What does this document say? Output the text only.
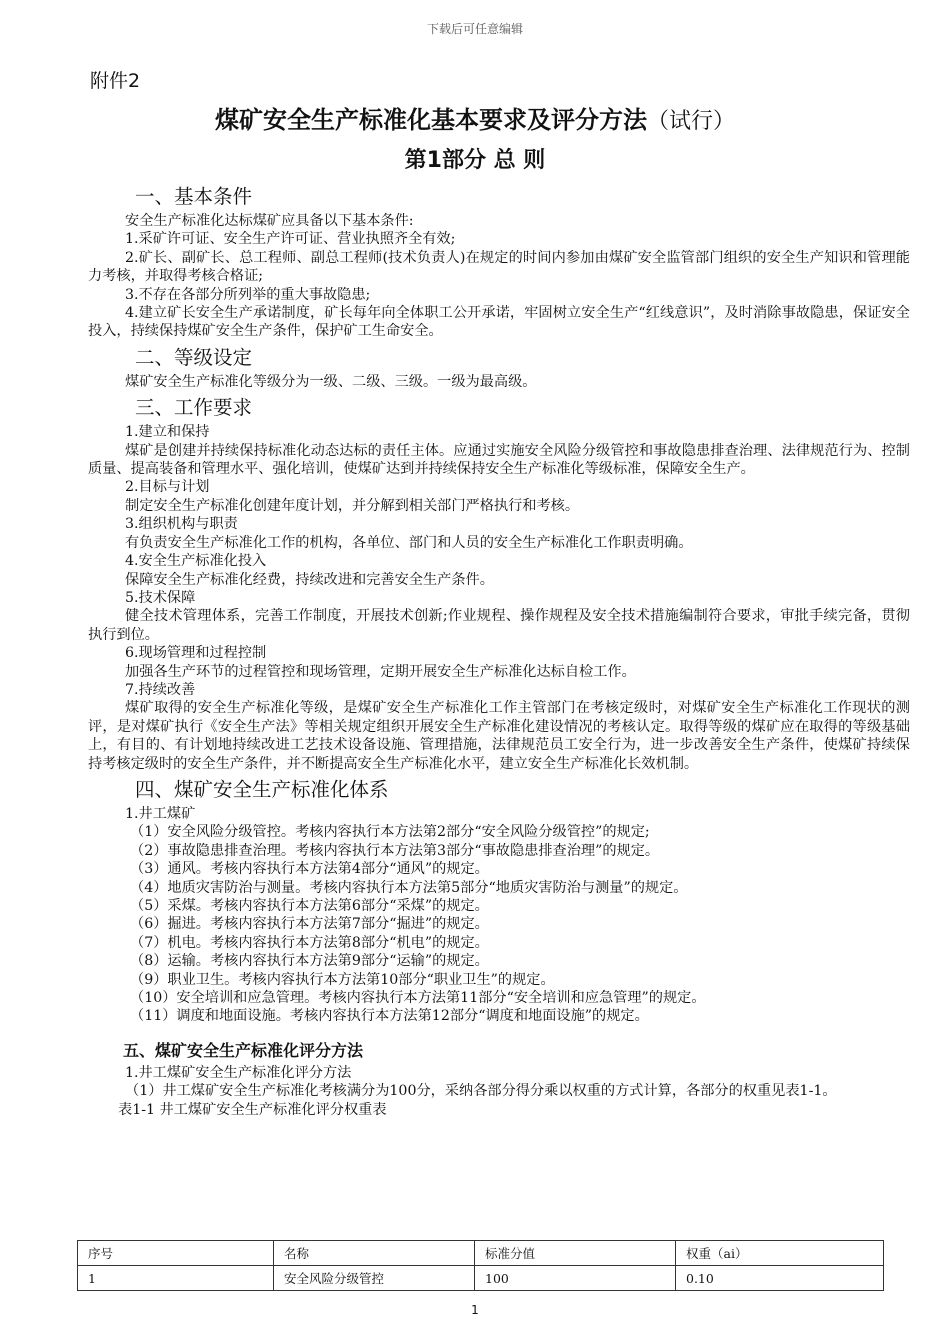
下载后可任意编辑
附件2
煤矿安全生产标准化基本要求及评分方法（试行）
第1部分 总 则
一、基本条件

安全生产标准化达标煤矿应具备以下基本条件:

1.采矿许可证、安全生产许可证、营业执照齐全有效;

2.矿长、副矿长、总工程师、副总工程师(技术负责人)在规定的时间内参加由煤矿安全监管部门组织的安全生产知识和管理能力考核，并取得考核合格证;

3.不存在各部分所列举的重大事故隐患;

4.建立矿长安全生产承诺制度，矿长每年向全体职工公开承诺，牢固树立安全生产“红线意识”，及时消除事故隐患，保证安全投入，持续保持煤矿安全生产条件，保护矿工生命安全。

二、等级设定

煤矿安全生产标准化等级分为一级、二级、三级。一级为最高级。

三、工作要求

1.建立和保持

煤矿是创建并持续保持标准化动态达标的责任主体。应通过实施安全风险分级管控和事故隐患排查治理、法律规范行为、控制质量、提高装备和管理水平、强化培训，使煤矿达到并持续保持安全生产标准化等级标准，保障安全生产。

2.目标与计划

制定安全生产标准化创建年度计划，并分解到相关部门严格执行和考核。

3.组织机构与职责

有负责安全生产标准化工作的机构，各单位、部门和人员的安全生产标准化工作职责明确。

4.安全生产标准化投入

保障安全生产标准化经费，持续改进和完善安全生产条件。

5.技术保障

健全技术管理体系，完善工作制度，开展技术创新;作业规程、操作规程及安全技术措施编制符合要求，审批手续完备，贯彻执行到位。

6.现场管理和过程控制

加强各生产环节的过程管控和现场管理，定期开展安全生产标准化达标自检工作。

7.持续改善

煤矿取得的安全生产标准化等级，是煤矿安全生产标准化工作主管部门在考核定级时，对煤矿安全生产标准化工作现状的测评，是对煤矿执行《安全生产法》等相关规定组织开展安全生产标准化建设情况的考核认定。取得等级的煤矿应在取得的等级基础上，有目的、有计划地持续改进工艺技术设备设施、管理措施，法律规范员工安全行为，进一步改善安全生产条件，使煤矿持续保持考核定级时的安全生产条件，并不断提高安全生产标准化水平，建立安全生产标准化长效机制。

四、煤矿安全生产标准化体系

1.井工煤矿

（1）安全风险分级管控。考核内容执行本方法第2部分“安全风险分级管控”的规定;

（2）事故隐患排查治理。考核内容执行本方法第3部分“事故隐患排查治理”的规定。

（3）通风。考核内容执行本方法第4部分“通风”的规定。

（4）地质灾害防治与测量。考核内容执行本方法第5部分“地质灾害防治与测量”的规定。

（5）采煤。考核内容执行本方法第6部分“采煤”的规定。

（6）掘进。考核内容执行本方法第7部分“掘进”的规定。

（7）机电。考核内容执行本方法第8部分“机电”的规定。

（8）运输。考核内容执行本方法第9部分“运输”的规定。

（9）职业卫生。考核内容执行本方法第10部分“职业卫生”的规定。

（10）安全培训和应急管理。考核内容执行本方法第11部分“安全培训和应急管理”的规定。

（11）调度和地面设施。考核内容执行本方法第12部分“调度和地面设施”的规定。

五、煤矿安全生产标准化评分方法

1.井工煤矿安全生产标准化评分方法

（1）井工煤矿安全生产标准化考核满分为100分，采纳各部分得分乘以权重的方式计算，各部分的权重见表1-1。

表1-1 井工煤矿安全生产标准化评分权重表

序号	名称	标准分值	权重（ai）
1	安全风险分级管控	100	0.10
1
